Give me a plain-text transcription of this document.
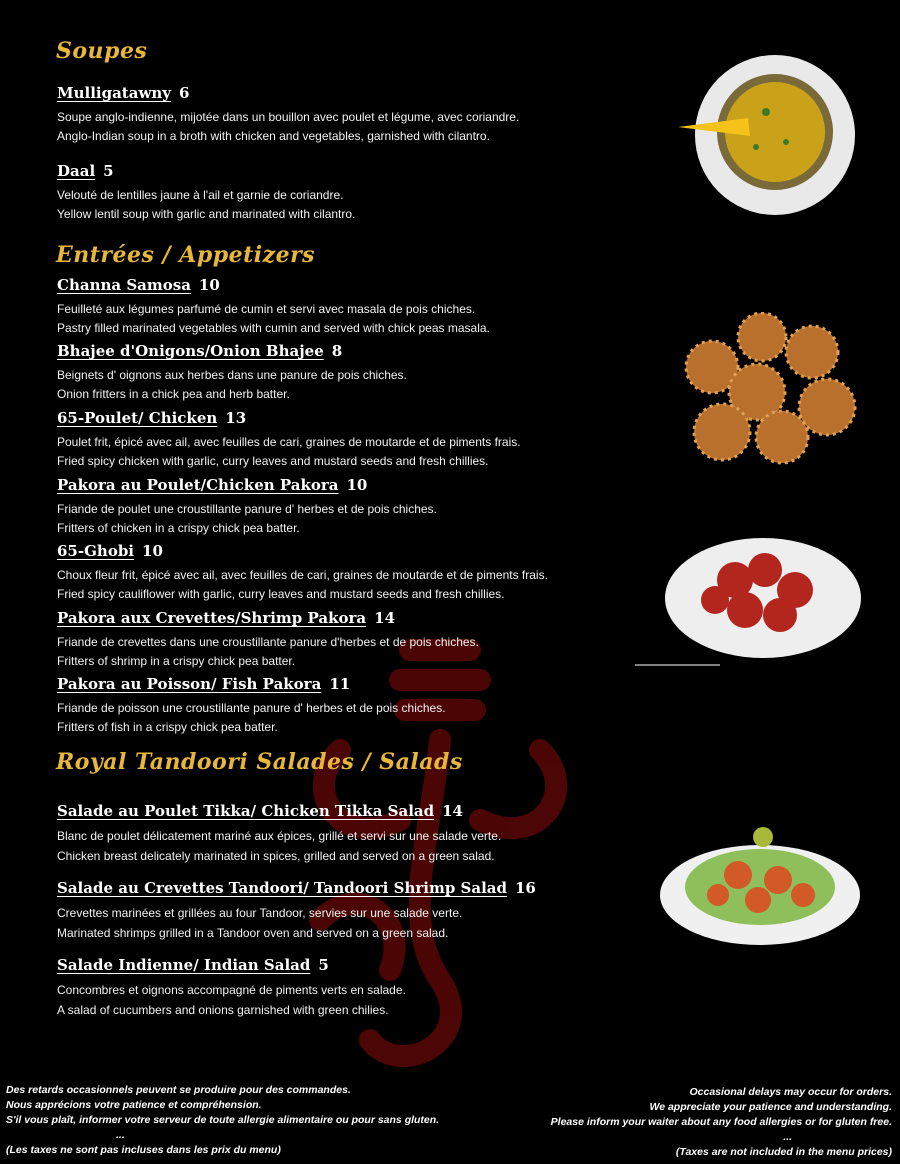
Soupes
Mulligatawny 6
Soupe anglo-indienne, mijotée dans un bouillon avec poulet et légume, avec coriandre.
Anglo-Indian soup in a broth with chicken and vegetables, garnished with cilantro.
Daal 5
Velouté de lentilles jaune à l'ail et garnie de coriandre.
Yellow lentil soup with garlic and marinated with cilantro.
Entrées / Appetizers
Channa Samosa 10
Feuilleté aux légumes parfumé de cumin et servi avec masala de pois chiches.
Pastry filled marinated vegetables with cumin and served with chick peas masala.
Bhajee d'Onigons/Onion Bhajee 8
Beignets d' oignons aux herbes dans une panure de pois chiches.
Onion fritters in a chick pea and herb batter.
65-Poulet/ Chicken 13
Poulet frit, épicé avec ail, avec feuilles de cari, graines de moutarde et de piments frais.
Fried spicy chicken with garlic, curry leaves and mustard seeds and fresh chillies.
Pakora au Poulet/Chicken Pakora 10
Friande de poulet une croustillante panure d' herbes et de pois chiches.
Fritters of chicken in a crispy chick pea batter.
65-Ghobi 10
Choux fleur frit, épicé avec ail, avec feuilles de cari, graines de moutarde et de piments frais.
Fried spicy cauliflower with garlic, curry leaves and mustard seeds and fresh chillies.
Pakora aux Crevettes/Shrimp Pakora 14
Friande de crevettes dans une croustillante panure d'herbes et de pois chiches.
Fritters of shrimp in a crispy chick pea batter.
Pakora au Poisson/ Fish Pakora 11
Friande de poisson une croustillante panure d' herbes et de pois chiches.
Fritters of fish in a crispy chick pea batter.
Royal Tandoori Salades / Salads
Salade au Poulet Tikka/ Chicken Tikka Salad 14
Blanc de poulet délicatement mariné aux épices, grillé et servi sur une salade verte.
Chicken breast delicately marinated in spices, grilled and served on a green salad.
Salade au Crevettes Tandoori/ Tandoori Shrimp Salad 16
Crevettes marinées et grillées au four Tandoor, servies sur une salade verte.
Marinated shrimps grilled in a Tandoor oven and served on a green salad.
Salade Indienne/ Indian Salad 5
Concombres et oignons accompagné de piments verts en salade.
A salad of cucumbers and onions garnished with green chilies.
Des retards occasionnels peuvent se produire pour des commandes.
Nous apprécions votre patience et compréhension.
S'il vous plaît, informer votre serveur de toute allergie alimentaire ou pour sans gluten.
...
(Les taxes ne sont pas incluses dans les prix du menu)
Occasional delays may occur for orders.
We appreciate your patience and understanding.
Please inform your waiter about any food allergies or for gluten free.
...
(Taxes are not included in the menu prices)
